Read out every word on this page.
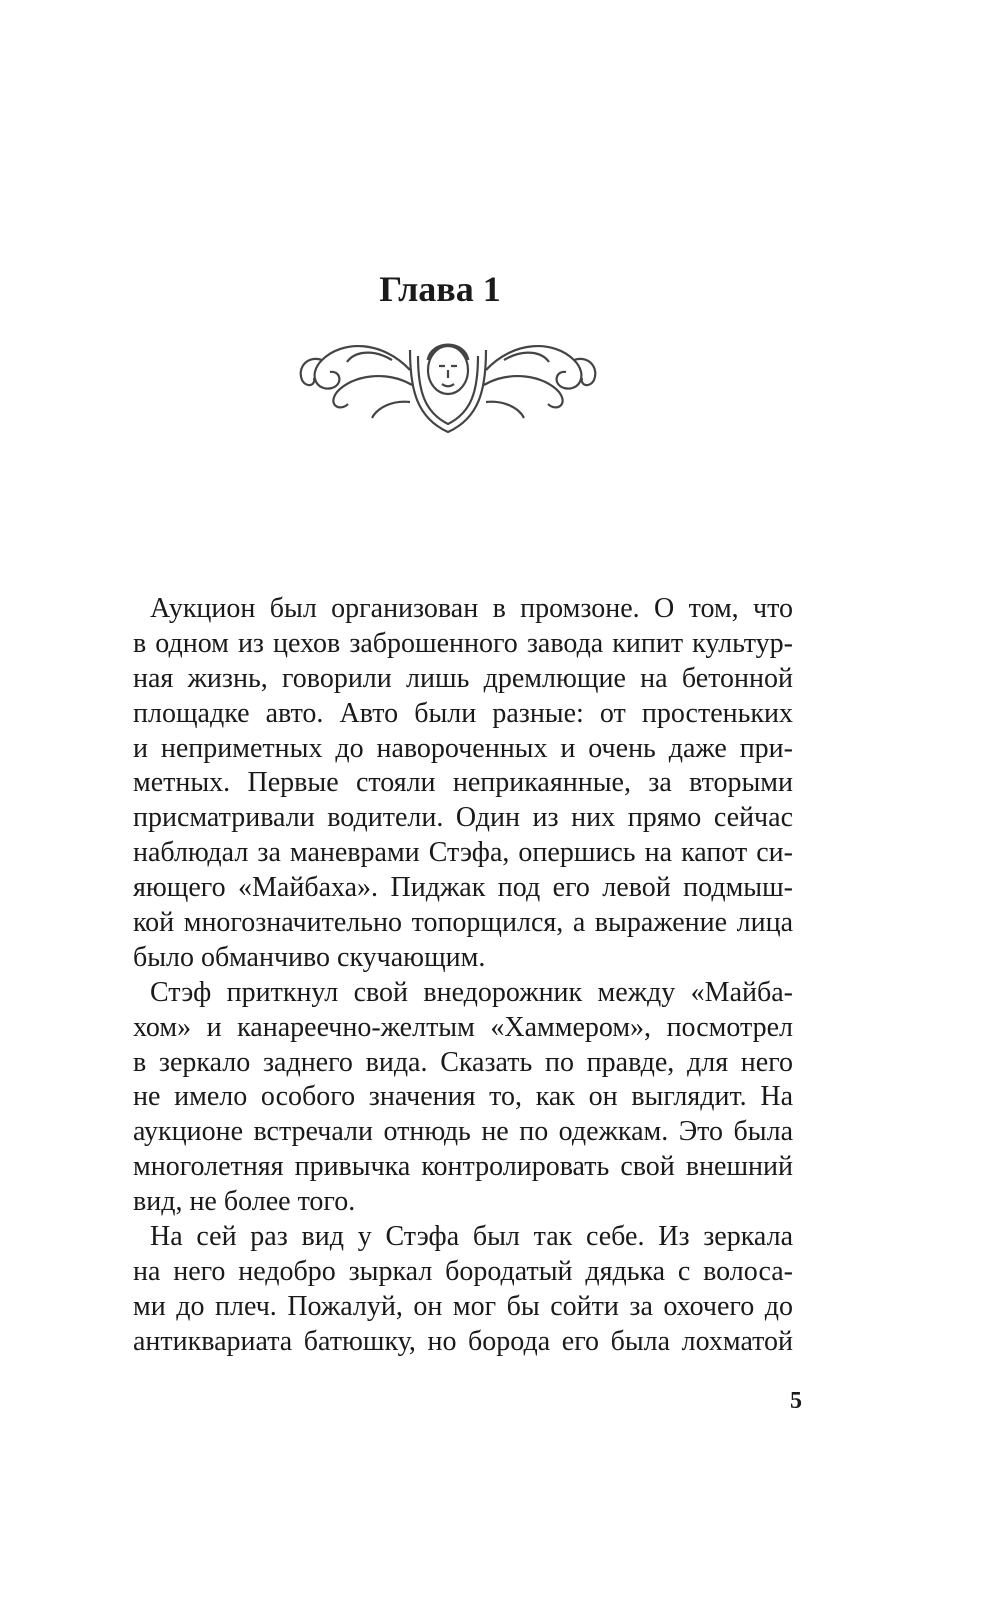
Глава 1
Аукцион был организован в промзоне. О том, что
в одном из цехов заброшенного завода кипит культур-
ная жизнь, говорили лишь дремлющие на бетонной
площадке авто. Авто были разные: от простеньких
и неприметных до навороченных и очень даже при-
метных. Первые стояли неприкаянные, за вторыми
присматривали водители. Один из них прямо сейчас
наблюдал за маневрами Стэфа, опершись на капот си-
яющего «Майбаха». Пиджак под его левой подмыш-
кой многозначительно топорщился, а выражение лица
было обманчиво скучающим.
Стэф приткнул свой внедорожник между «Майба-
хом» и канареечно-желтым «Хаммером», посмотрел
в зеркало заднего вида. Сказать по правде, для него
не имело особого значения то, как он выглядит. На
аукционе встречали отнюдь не по одежкам. Это была
многолетняя привычка контролировать свой внешний
вид, не более того.
На сей раз вид у Стэфа был так себе. Из зеркала
на него недобро зыркал бородатый дядька с волоса-
ми до плеч. Пожалуй, он мог бы сойти за охочего до
антиквариата батюшку, но борода его была лохматой
5
